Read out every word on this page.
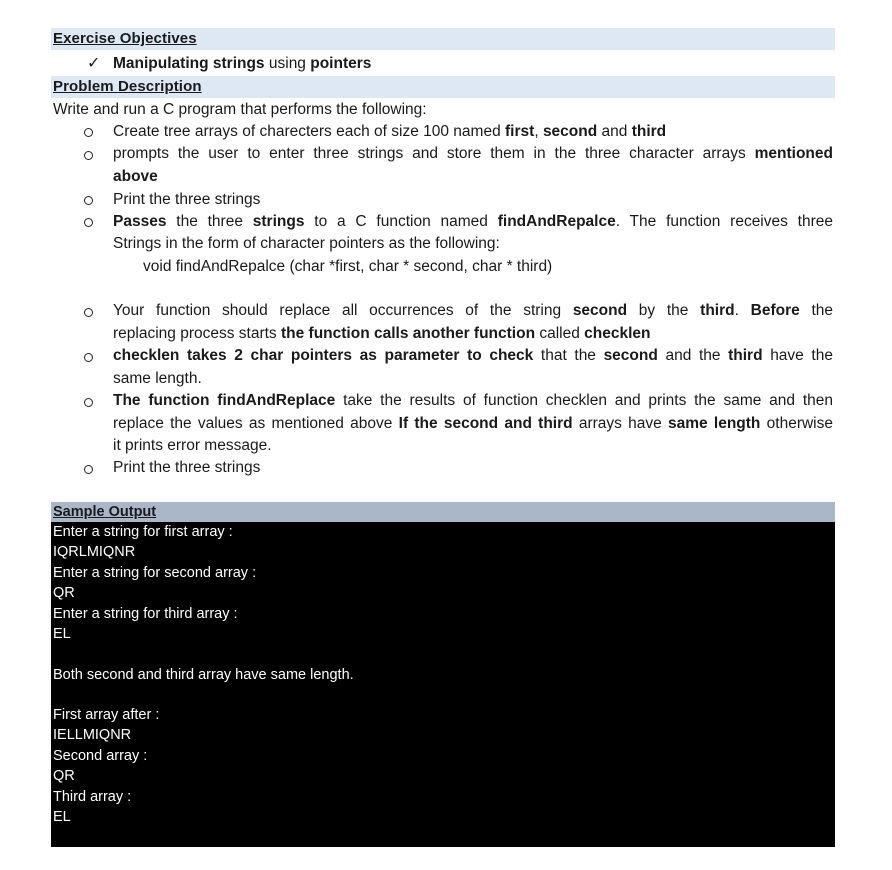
Exercise Objectives
✓ Manipulating strings using pointers
Problem Description
Write and run a C program that performs the following:
Create tree arrays of charecters each of size 100 named first, second and third
prompts the user to enter three strings and store them in the three character arrays mentioned
above
Print the three strings
Passes the three strings to a C function named findAndRepalce. The function receives three
Strings in the form of character pointers as the following:
void findAndRepalce (char *first, char * second, char * third)
Your function should replace all occurrences of the string second by the third. Before the
replacing process starts the function calls another function called checklen
checklen takes 2 char pointers as parameter to check that the second and the third have the
same length.
The function findAndReplace take the results of function checklen and prints the same and then
replace the values as mentioned above If the second and third arrays have same length otherwise
it prints error message.
Print the three strings
Sample Output
Enter a string for first array :
IQRLMIQNR
Enter a string for second array :
QR
Enter a string for third array :
EL
Both second and third array have same length.
First array after :
IELLMIQNR
Second array :
QR
Third array :
EL
